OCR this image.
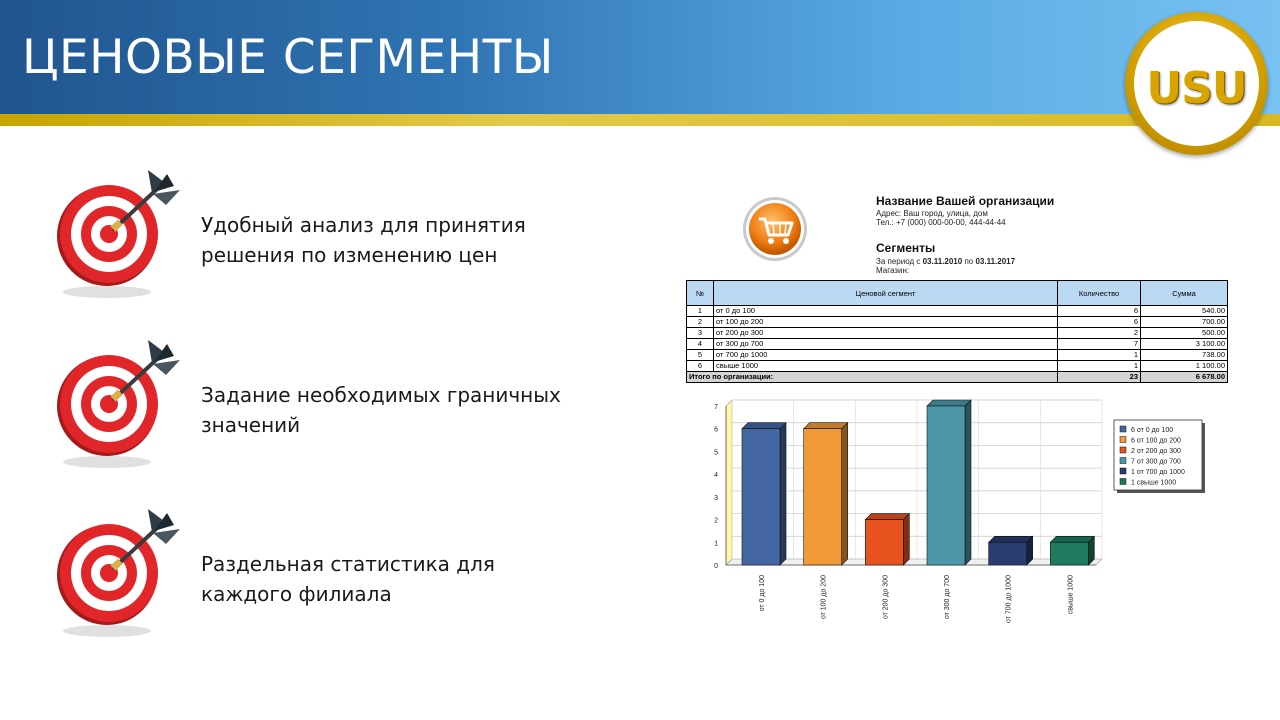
ЦЕНОВЫЕ СЕГМЕНТЫ
USU
Удобный анализ для принятия решения по изменению цен
Задание необходимых граничных значений
Раздельная статистика для каждого филиала
Название Вашей организации
Адрес: Ваш город, улица, дом
Тел.: +7 (000) 000-00-00, 444-44-44
Сегменты
За период с 03.11.2010 по 03.11.2017
Магазин:
№	Ценовой сегмент	Количество	Сумма
1	от 0 до 100	6	540.00
2	от 100 до 200	6	700.00
3	от 200 до 300	2	500.00
4	от 300 до 700	7	3 100.00
5	от 700 до 1000	1	738.00
6	свыше 1000	1	1 100.00
Итого по организации:		23	6 678.00
0
1
2
3
4
5
6
7
от 0 до 100	от 100 до 200	от 200 до 300	от 300 до 700	от 700 до 1000	свыше 1000
6 от 0 до 100
6 от 100 до 200
2 от 200 до 300
7 от 300 до 700
1 от 700 до 1000
1 свыше 1000
